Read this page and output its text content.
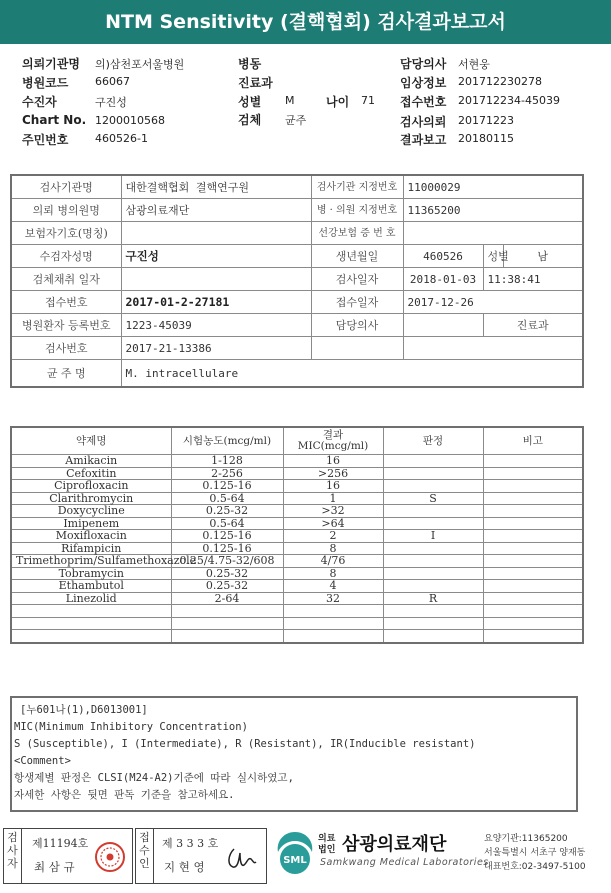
NTM Sensitivity (결핵협회) 검사결과보고서
의뢰기관명 의)삼천포서울병원	병동	담당의사 서현웅
병원코드 66067	진료과	임상정보 201712230278
수진자	구진성	성별 M	나이 71 접수번호 201712234-45039
Chart No. 1200010568	검체 균주	검사의뢰 20171223
주민번호 460526-1	결과보고 20180115
검사기관명	대한결핵협회 결핵연구원	검사기관 지정번호	11000029		
의뢰 병의원명	삼광의료재단	병 · 의원 지정번호	11365200		
보험자기호(명칭)		선강보험 증 번 호			
수검자성명	구진성	생년월일	460526	성별	남
검체채취 일자		검사일자	2018-01-03	11:38:41	
접수번호	2017-01-2-27181	접수일자	2017-12-26		
병원환자 등록번호	1223-45039	담당의사		진료과	
검사번호	2017-21-13386				
균 주 명	M. intracellulare				
약제명	시험농도(mcg/ml)	결과 MIC(mcg/ml)	판정	비고
Amikacin	1-128	16		
Cefoxitin	2-256	>256		
Ciprofloxacin	0.125-16	16		
Clarithromycin	0.5-64	1	S	
Doxycycline	0.25-32	>32		
Imipenem	0.5-64	>64		
Moxifloxacin	0.125-16	2	I	
Rifampicin	0.125-16	8		
Trimethoprim/Sulfamethoxazole	0.25/4.75-32/608	4/76		
Tobramycin	0.25-32	8		
Ethambutol	0.25-32	4		
Linezolid	2-64	32	R	

[누601나(1),D6013001]
MIC(Minimum Inhibitory Concentration)
S (Susceptible), I (Intermediate), R (Resistant), IR(Inducible resistant)
<Comment>
항생제별 판정은 CLSI(M24-A2)기준에 따라 실시하였고,
자세한 사항은 뒷면 판독 기준을 참고하세요.
검사자
제11194호
최 삼 규
접수인
제 3 3 3 호
지 현 영	SML
의료법인 삼광의료재단
Samkwang Medical Laboratories
요양기관:11365200
서울특별시 서초구 양재동
대표번호:02-3497-5100
